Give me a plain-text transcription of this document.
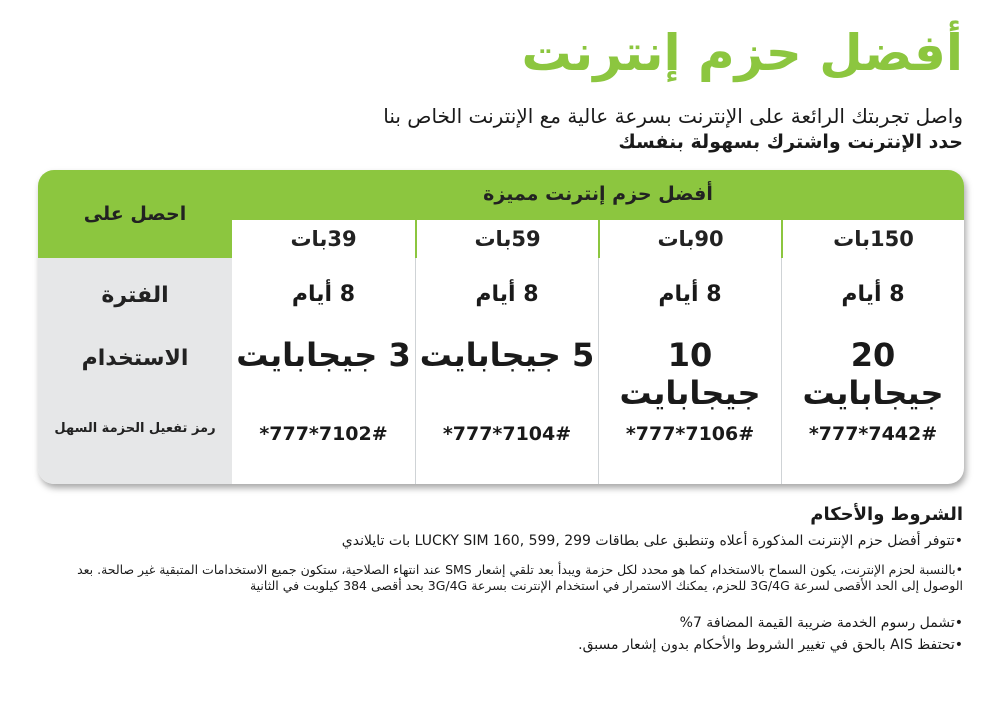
أفضل حزم إنترنت
واصل تجربتك الرائعة على الإنترنت بسرعة عالية مع الإنترنت الخاص بنا
حدد الإنترنت واشترك بسهولة بنفسك
أفضل حزم إنترنت مميزة
احصل على
150بات
90بات
59بات
39بات
الفترة
الاستخدام
رمز تفعيل الحزمة السهل
8 أيام
20 جيجابايت
*777*7442#
8 أيام
10 جيجابايت
*777*7106#
8 أيام
5 جيجابايت
*777*7104#
8 أيام
3 جيجابايت
*777*7102#
الشروط والأحكام
•تتوفر أفضل حزم الإنترنت المذكورة أعلاه وتنطبق على بطاقات LUCKY SIM 160, 599, 299 بات تايلاندي
•بالنسبة لحزم الإنترنت، يكون السماح بالاستخدام كما هو محدد لكل حزمة ويبدأ بعد تلقي إشعار SMS عند انتهاء الصلاحية، ستكون جميع الاستخدامات المتبقية غير صالحة. بعد الوصول إلى الحد الأقصى لسرعة 3G/4G للحزم، يمكنك الاستمرار في استخدام الإنترنت بسرعة 3G/4G بحد أقصى 384 كيلوبت في الثانية
•تشمل رسوم الخدمة ضريبة القيمة المضافة 7%
•تحتفظ AIS بالحق في تغيير الشروط والأحكام بدون إشعار مسبق.
